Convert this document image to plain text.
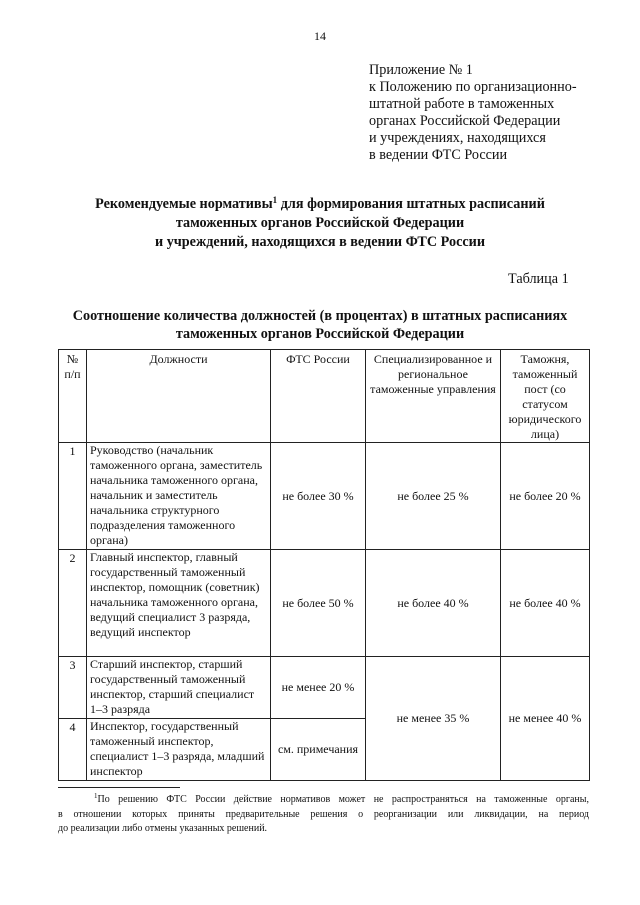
14
Приложение № 1
к Положению по организационно-
штатной работе в таможенных
органах Российской Федерации
и учреждениях, находящихся
в ведении ФТС России
Рекомендуемые нормативы$^1$ для формирования штатных расписаний
таможенных органов Российской Федерации
и учреждений, находящихся в ведении ФТС России
Таблица 1
Соотношение количества должностей (в процентах) в штатных расписаниях
таможенных органов Российской Федерации
№ п/п	Должности	ФТС России	Специализированное и региональное таможенные управления	Таможня, таможенный пост (со статусом юридического лица)
1	Руководство (начальник таможенного органа, заместитель начальника таможенного органа, начальник и заместитель начальника структурного подразделения таможенного органа)	не более 30 %	не более 25 %	не более 20 %
2	Главный инспектор, главный государственный таможенный инспектор, помощник (советник) начальника таможенного органа, ведущий специалист 3 разряда, ведущий инспектор	не более 50 %	не более 40 %	не более 40 %
3	Старший инспектор, старший государственный таможенный инспектор, старший специалист 1–3 разряда	не менее 20 %	не менее 35 %	не менее 40 %
4	Инспектор, государственный таможенный инспектор, специалист 1–3 разряда, младший инспектор	см. примечания		
$^1$По решению ФТС России действие нормативов может не распространяться на таможенные органы,
в отношении которых приняты предварительные решения о реорганизации или ликвидации, на период
до реализации либо отмены указанных решений.
